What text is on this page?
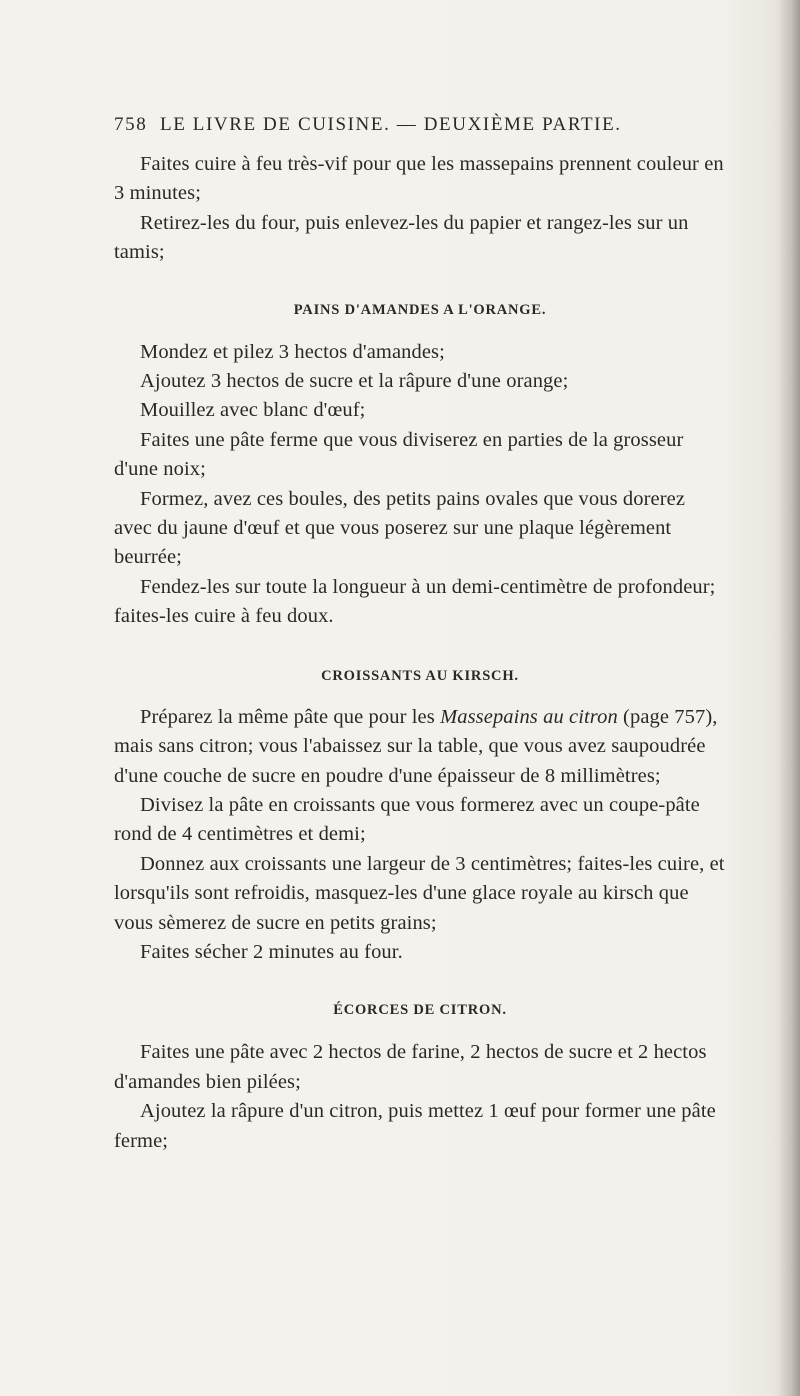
758 LE LIVRE DE CUISINE. — DEUXIÈME PARTIE.

Faites cuire à feu très-vif pour que les massepains prennent couleur en 3 minutes;

Retirez-les du four, puis enlevez-les du papier et rangez-les sur un tamis;

PAINS D'AMANDES A L'ORANGE.

Mondez et pilez 3 hectos d'amandes;

Ajoutez 3 hectos de sucre et la râpure d'une orange;

Mouillez avec blanc d'œuf;

Faites une pâte ferme que vous diviserez en parties de la grosseur d'une noix;

Formez, avez ces boules, des petits pains ovales que vous dorerez avec du jaune d'œuf et que vous poserez sur une plaque légèrement beurrée;

Fendez-les sur toute la longueur à un demi-centimètre de profondeur; faites-les cuire à feu doux.

CROISSANTS AU KIRSCH.

Préparez la même pâte que pour les Massepains au citron (page 757), mais sans citron; vous l'abaissez sur la table, que vous avez saupoudrée d'une couche de sucre en poudre d'une épaisseur de 8 millimètres;

Divisez la pâte en croissants que vous formerez avec un coupe-pâte rond de 4 centimètres et demi;

Donnez aux croissants une largeur de 3 centimètres; faites-les cuire, et lorsqu'ils sont refroidis, masquez-les d'une glace royale au kirsch que vous sèmerez de sucre en petits grains;

Faites sécher 2 minutes au four.

ÉCORCES DE CITRON.

Faites une pâte avec 2 hectos de farine, 2 hectos de sucre et 2 hectos d'amandes bien pilées;

Ajoutez la râpure d'un citron, puis mettez 1 œuf pour former une pâte ferme;
